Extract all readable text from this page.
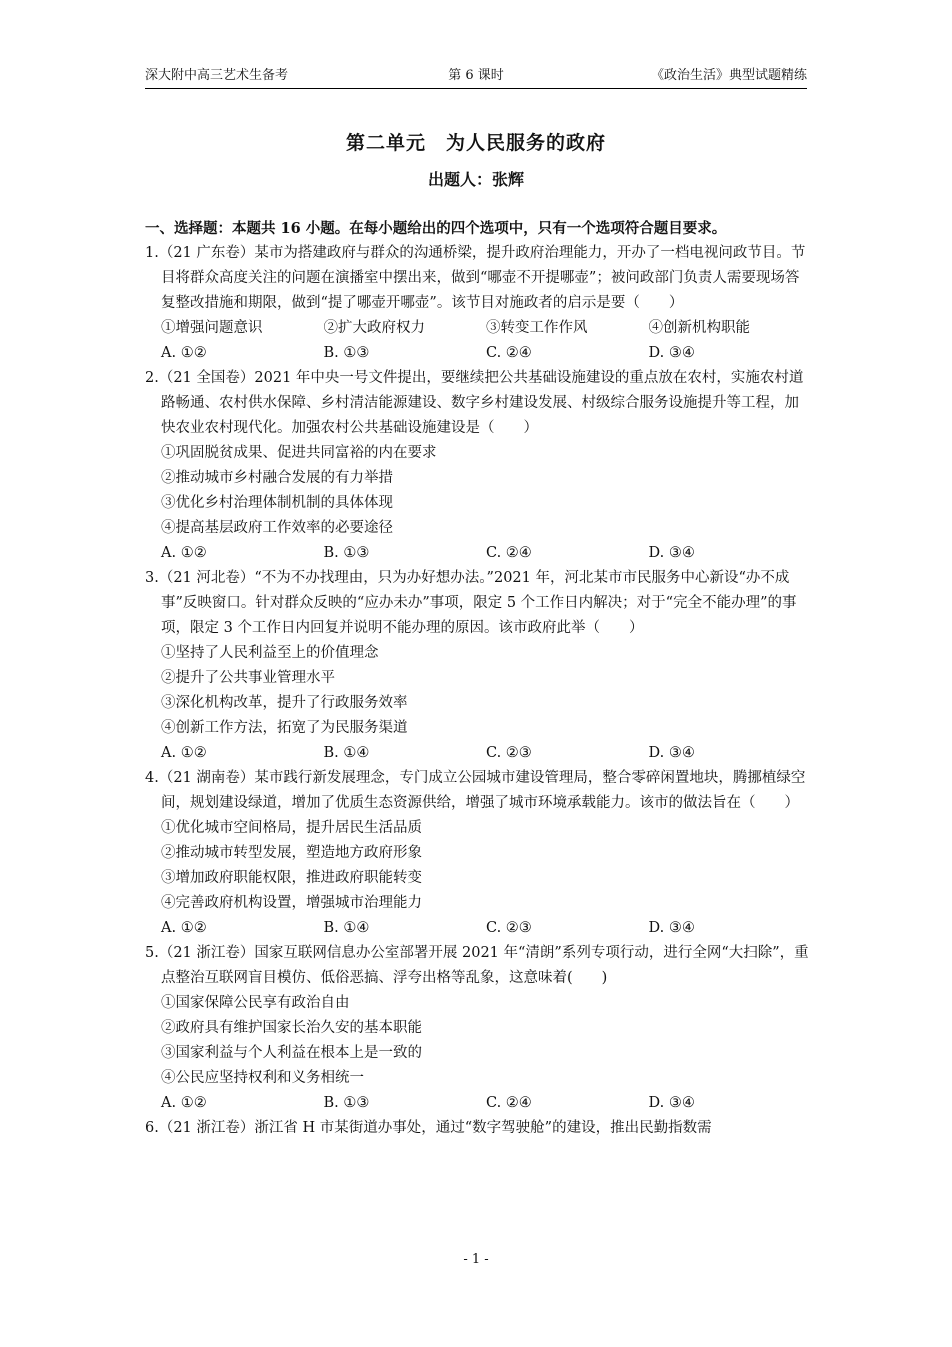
深大附中高三艺术生备考	第 6 课时	《政治生活》典型试题精练
第二单元　为人民服务的政府
出题人：张辉
一、选择题：本题共 16 小题。在每小题给出的四个选项中，只有一个选项符合题目要求。
1.（21 广东卷）某市为搭建政府与群众的沟通桥梁，提升政府治理能力，开办了一档电视问政节目。节目将群众高度关注的问题在演播室中摆出来，做到“哪壶不开提哪壶”；被问政部门负责人需要现场答复整改措施和期限，做到“提了哪壶开哪壶”。该节目对施政者的启示是要（　　）
①增强问题意识	②扩大政府权力	③转变工作作风	④创新机构职能
A. ①②	B. ①③	C. ②④	D. ③④
2.（21 全国卷）2021 年中央一号文件提出，要继续把公共基础设施建设的重点放在农村，实施农村道路畅通、农村供水保障、乡村清洁能源建设、数字乡村建设发展、村级综合服务设施提升等工程，加快农业农村现代化。加强农村公共基础设施建设是（　　）
①巩固脱贫成果、促进共同富裕的内在要求
②推动城市乡村融合发展的有力举措
③优化乡村治理体制机制的具体体现
④提高基层政府工作效率的必要途径
A. ①②	B. ①③	C. ②④	D. ③④
3.（21 河北卷）“不为不办找理由，只为办好想办法。”2021 年，河北某市市民服务中心新设“办不成事”反映窗口。针对群众反映的“应办未办”事项，限定 5 个工作日内解决；对于“完全不能办理”的事项，限定 3 个工作日内回复并说明不能办理的原因。该市政府此举（　　）
①坚持了人民利益至上的价值理念
②提升了公共事业管理水平
③深化机构改革，提升了行政服务效率
④创新工作方法，拓宽了为民服务渠道
A. ①②	B. ①④	C. ②③	D. ③④
4.（21 湖南卷）某市践行新发展理念，专门成立公园城市建设管理局，整合零碎闲置地块，腾挪植绿空间，规划建设绿道，增加了优质生态资源供给，增强了城市环境承载能力。该市的做法旨在（　　）
①优化城市空间格局，提升居民生活品质
②推动城市转型发展，塑造地方政府形象
③增加政府职能权限，推进政府职能转变
④完善政府机构设置，增强城市治理能力
A. ①②	B. ①④	C. ②③	D. ③④
5.（21 浙江卷）国家互联网信息办公室部署开展 2021 年“清朗”系列专项行动，进行全网“大扫除”，重点整治互联网盲目模仿、低俗恶搞、浮夸出格等乱象，这意味着(　　)
①国家保障公民享有政治自由
②政府具有维护国家长治久安的基本职能
③国家利益与个人利益在根本上是一致的
④公民应坚持权利和义务相统一
A. ①②	B. ①③	C. ②④	D. ③④
6.（21 浙江卷）浙江省 H 市某街道办事处，通过“数字驾驶舱”的建设，推出民勤指数需
- 1 -
